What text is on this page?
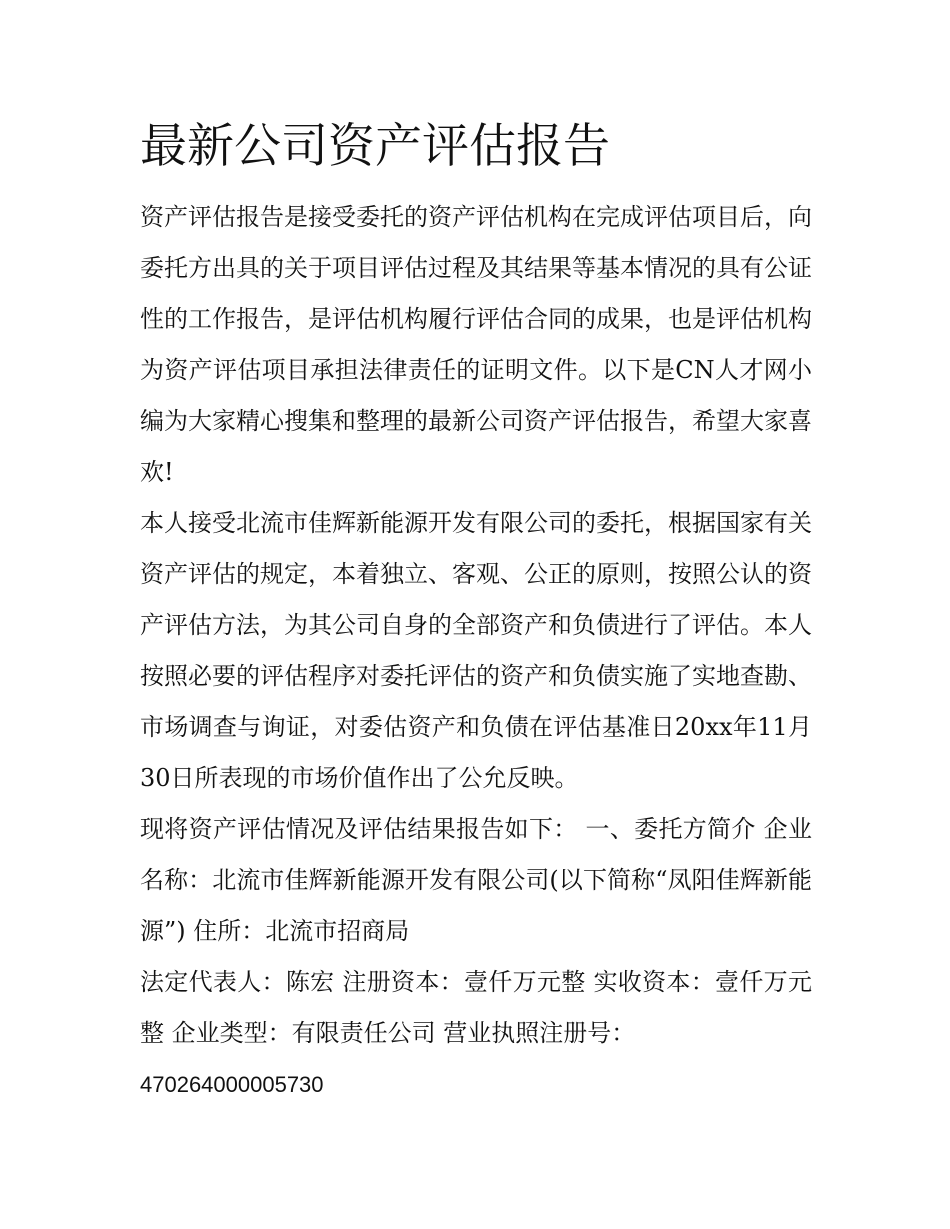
最新公司资产评估报告

资产评估报告是接受委托的资产评估机构在完成评估项目后，向委托方出具的关于项目评估过程及其结果等基本情况的具有公证性的工作报告，是评估机构履行评估合同的成果，也是评估机构为资产评估项目承担法律责任的证明文件。以下是CN人才网小编为大家精心搜集和整理的最新公司资产评估报告，希望大家喜欢!

本人接受北流市佳辉新能源开发有限公司的委托，根据国家有关资产评估的规定，本着独立、客观、公正的原则，按照公认的资产评估方法，为其公司自身的全部资产和负债进行了评估。本人按照必要的评估程序对委托评估的资产和负债实施了实地查勘、市场调查与询证，对委估资产和负债在评估基准日20xx年11月30日所表现的市场价值作出了公允反映。

现将资产评估情况及评估结果报告如下： 一、委托方简介 企业名称：北流市佳辉新能源开发有限公司(以下简称“凤阳佳辉新能源”) 住所：北流市招商局

法定代表人：陈宏 注册资本：壹仟万元整 实收资本：壹仟万元整 企业类型：有限责任公司 营业执照注册号：

470264000005730
